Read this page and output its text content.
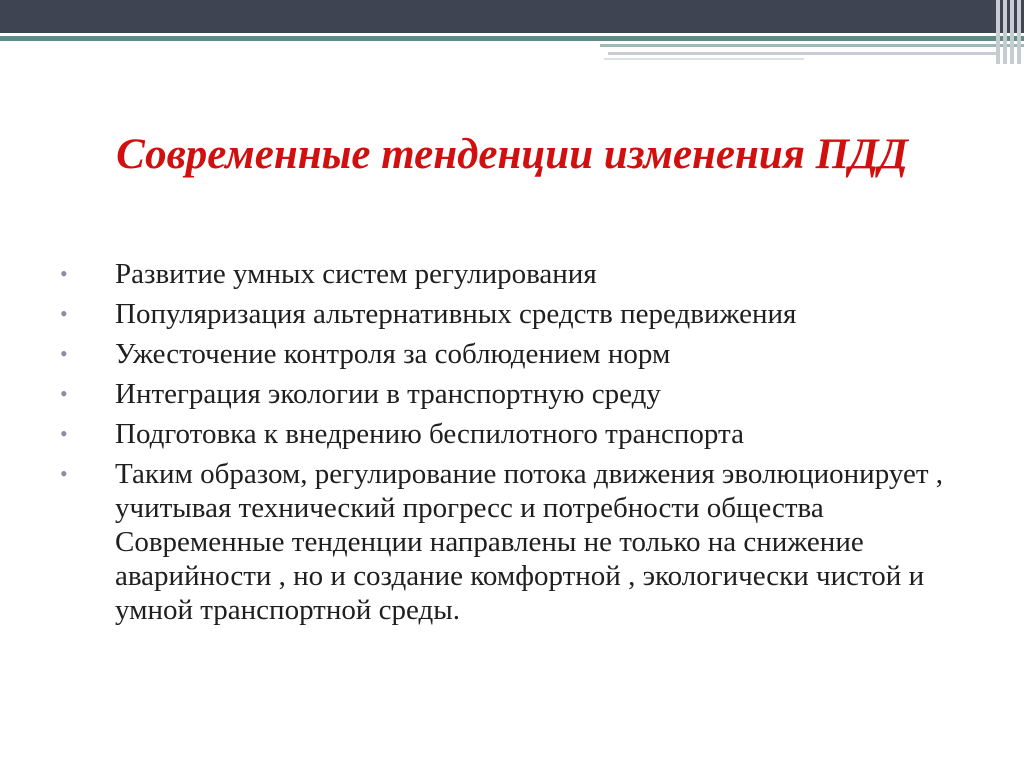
Современные тенденции изменения ПДД
• Развитие умных систем регулирования
• Популяризация альтернативных средств передвижения
• Ужесточение контроля за соблюдением норм
• Интеграция экологии в транспортную среду
• Подготовка к внедрению беспилотного транспорта
• Таким образом, регулирование потока движения эволюционирует , учитывая технический прогресс и потребности общества Современные тенденции направлены не только на снижение аварийности , но и создание комфортной , экологически чистой и умной транспортной среды.
